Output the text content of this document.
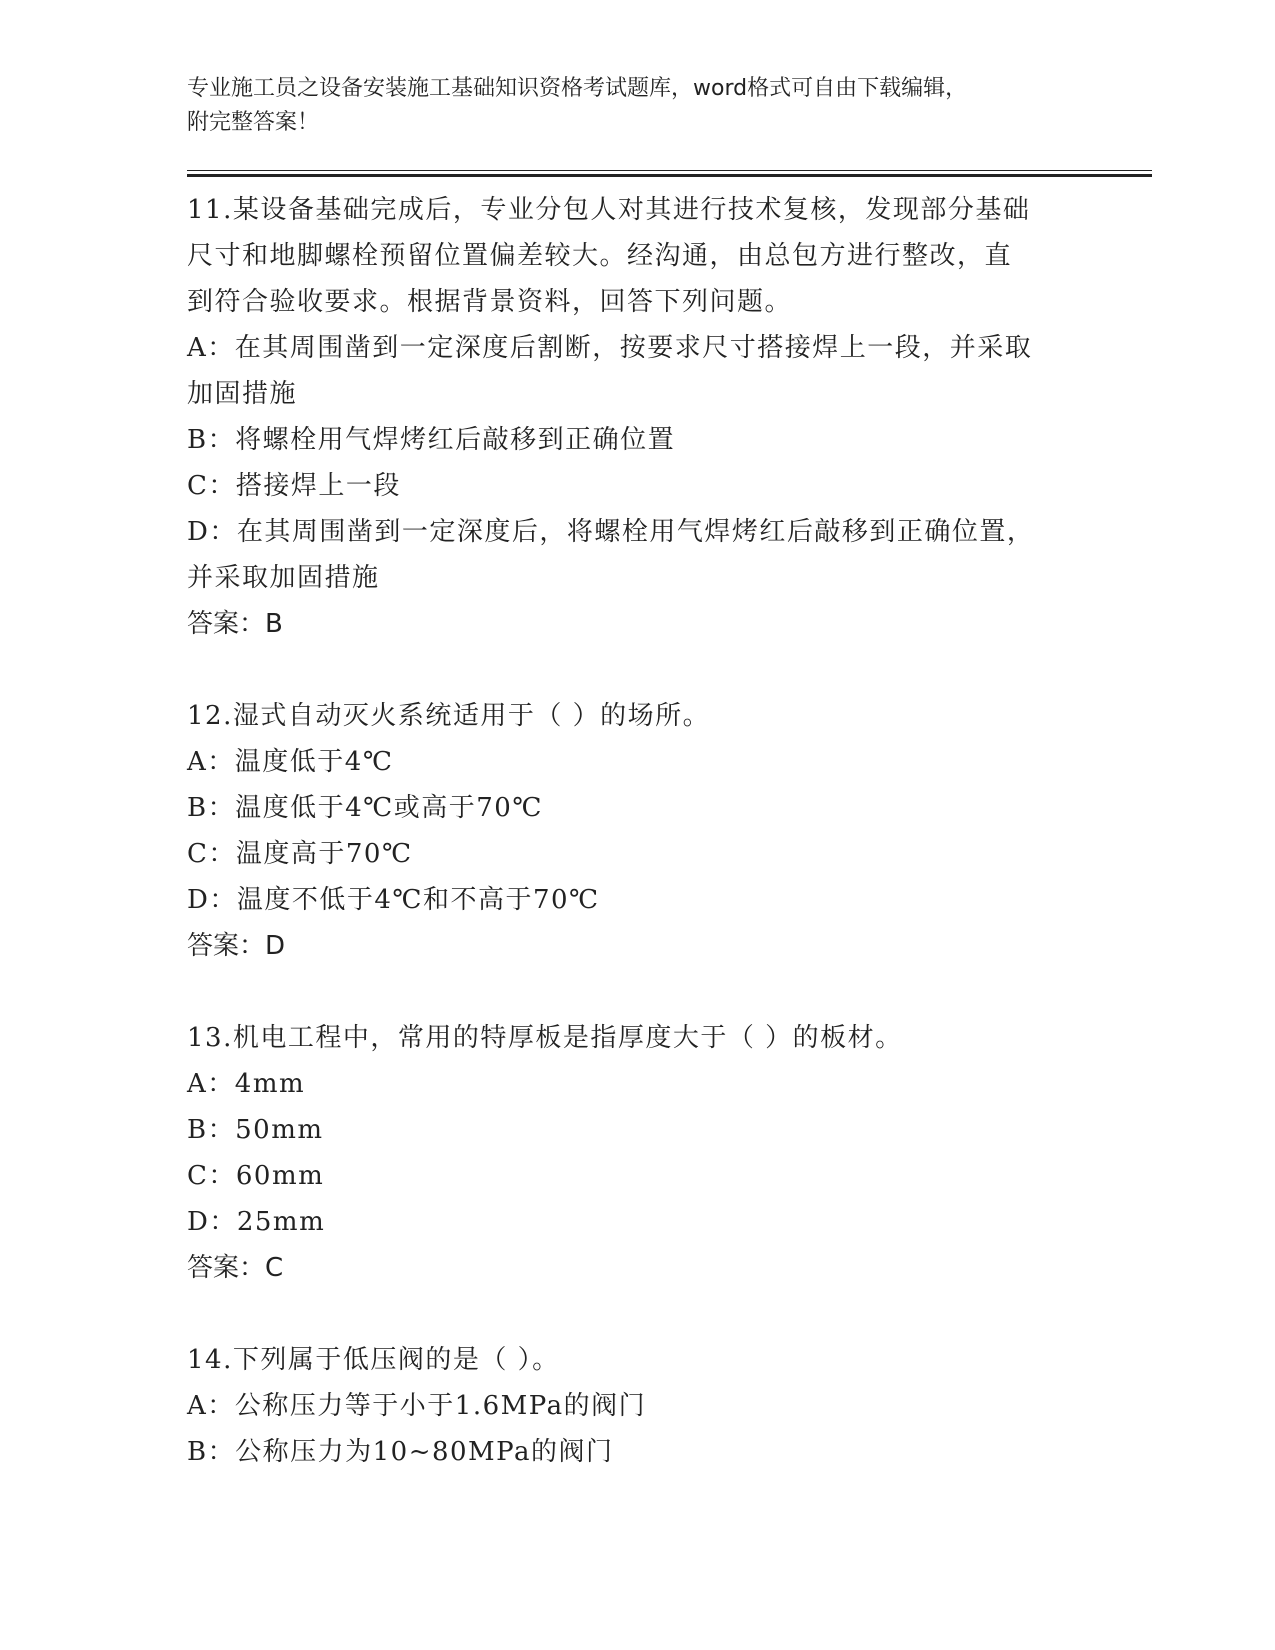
专业施工员之设备安装施工基础知识资格考试题库，word格式可自由下载编辑，
附完整答案！
11.某设备基础完成后，专业分包人对其进行技术复核，发现部分基础
尺寸和地脚螺栓预留位置偏差较大。经沟通，由总包方进行整改，直
到符合验收要求。根据背景资料，回答下列问题。
A：在其周围凿到一定深度后割断，按要求尺寸搭接焊上一段，并采取
加固措施
B：将螺栓用气焊烤红后敲移到正确位置
C：搭接焊上一段
D：在其周围凿到一定深度后，将螺栓用气焊烤红后敲移到正确位置，
并采取加固措施
答案：B
12.湿式自动灭火系统适用于（ ）的场所。
A：温度低于4℃
B：温度低于4℃或高于70℃
C：温度高于70℃
D：温度不低于4℃和不高于70℃
答案：D
13.机电工程中，常用的特厚板是指厚度大于（ ）的板材。
A：4mm
B：50mm
C：60mm
D：25mm
答案：C
14.下列属于低压阀的是（ ）。
A：公称压力等于小于1.6MPa的阀门
B：公称压力为10~80MPa的阀门
